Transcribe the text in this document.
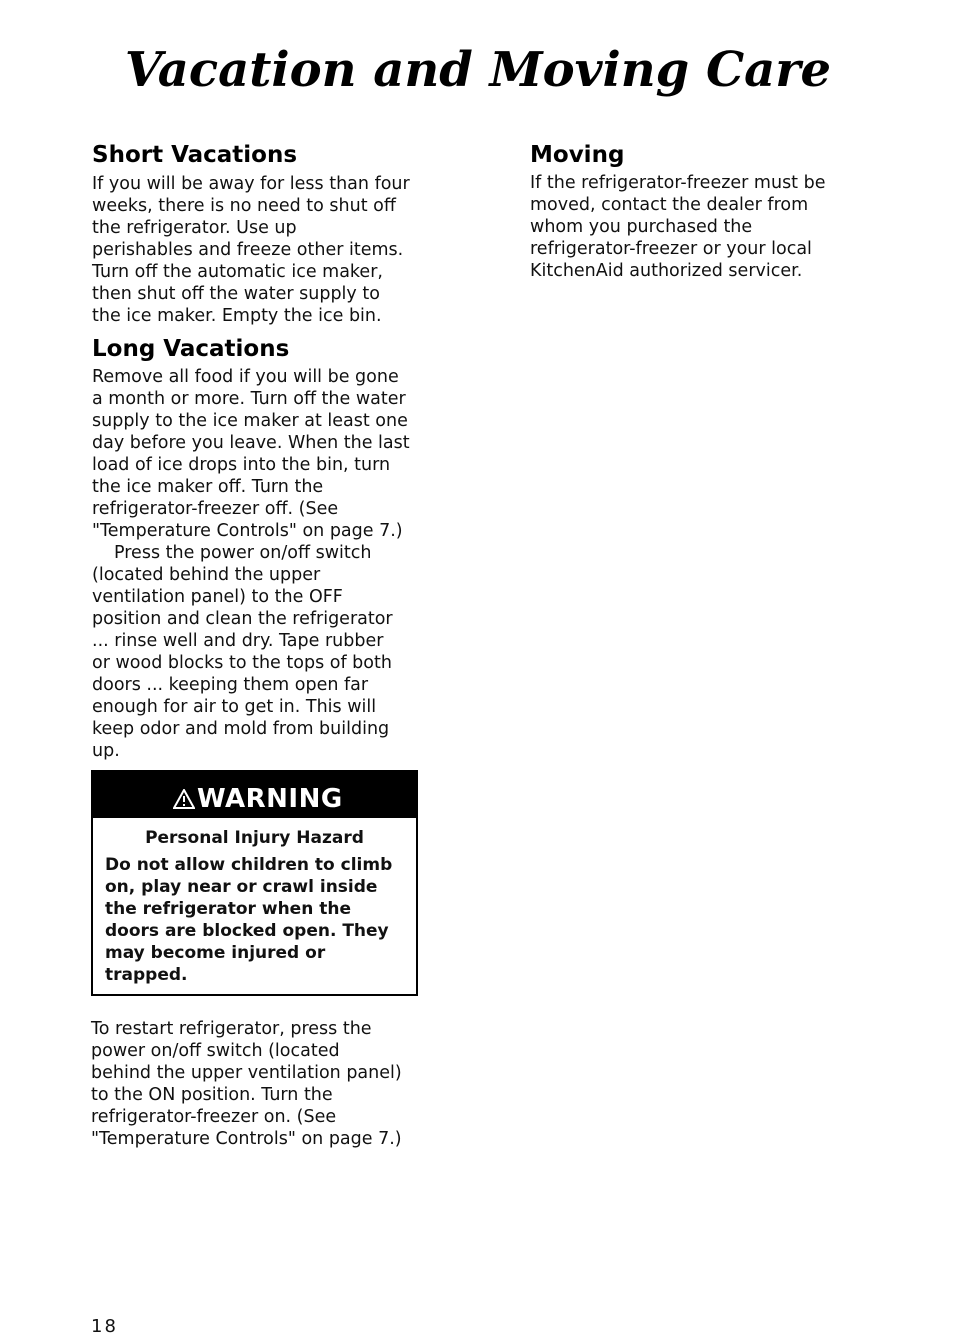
Vacation and Moving Care
Short Vacations
If you will be away for less than four
weeks, there is no need to shut off
the refrigerator. Use up
perishables and freeze other items.
Turn off the automatic ice maker,
then shut off the water supply to
the ice maker. Empty the ice bin.
Long Vacations
Remove all food if you will be gone
a month or more. Turn off the water
supply to the ice maker at least one
day before you leave. When the last
load of ice drops into the bin, turn
the ice maker off. Turn the
refrigerator-freezer off. (See
"Temperature Controls" on page 7.)
Press the power on/off switch
(located behind the upper
ventilation panel) to the OFF
position and clean the refrigerator
... rinse well and dry. Tape rubber
or wood blocks to the tops of both
doors ... keeping them open far
enough for air to get in. This will
keep odor and mold from building
up.
WARNING
Personal Injury Hazard
Do not allow children to climb
on, play near or crawl inside
the refrigerator when the
doors are blocked open. They
may become injured or
trapped.
To restart refrigerator, press the
power on/off switch (located
behind the upper ventilation panel)
to the ON position. Turn the
refrigerator-freezer on. (See
"Temperature Controls" on page 7.)
Moving
If the refrigerator-freezer must be
moved, contact the dealer from
whom you purchased the
refrigerator-freezer or your local
KitchenAid authorized servicer.
18
